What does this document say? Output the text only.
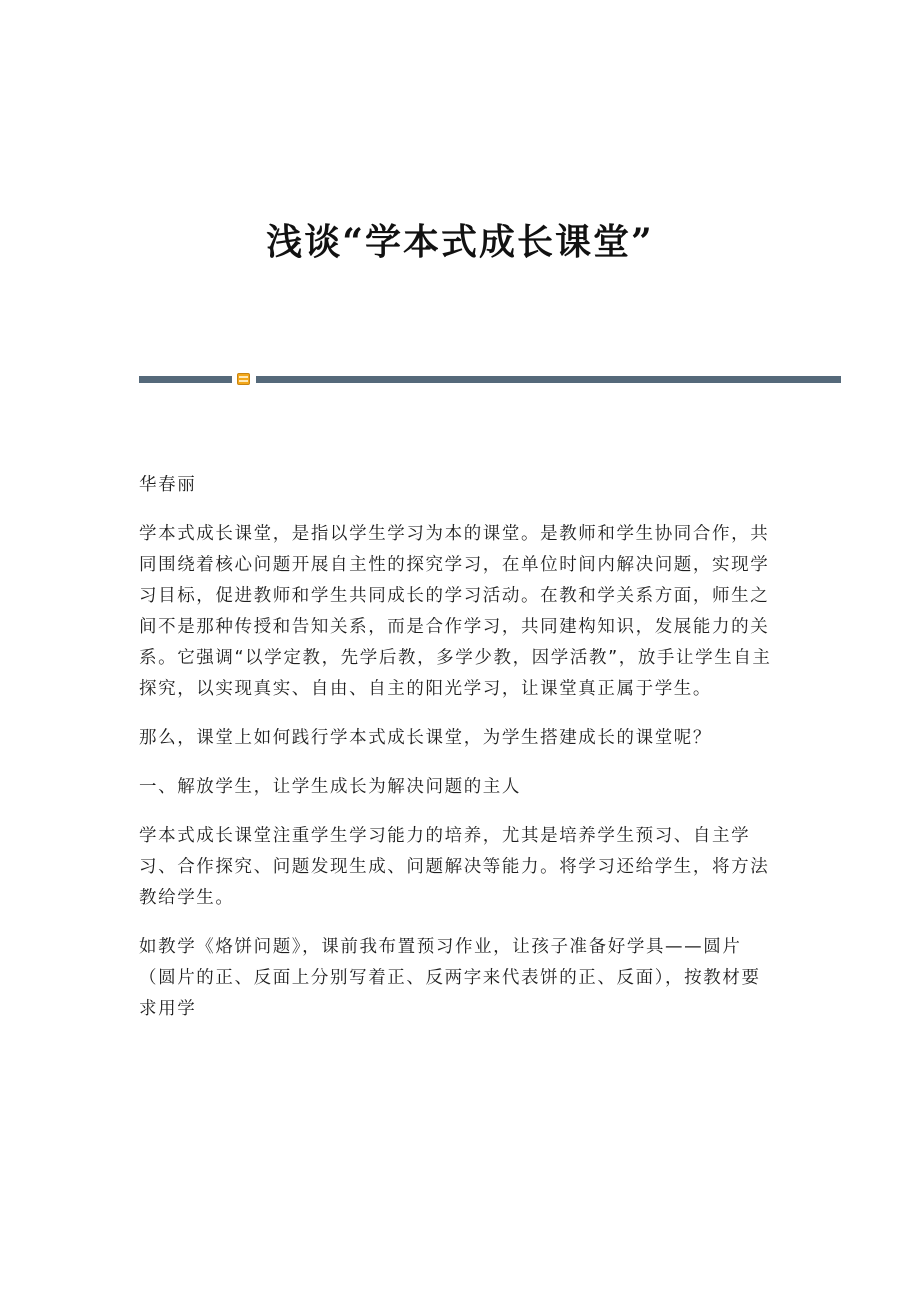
浅谈“学本式成长课堂”

华春丽

学本式成长课堂，是指以学生学习为本的课堂。是教师和学生协同合作，共同围绕着核心问题开展自主性的探究学习，在单位时间内解决问题，实现学习目标，促进教师和学生共同成长的学习活动。在教和学关系方面，师生之间不是那种传授和告知关系，而是合作学习，共同建构知识，发展能力的关系。它强调“以学定教，先学后教，多学少教，因学活教”，放手让学生自主探究，以实现真实、自由、自主的阳光学习，让课堂真正属于学生。

那么，课堂上如何践行学本式成长课堂，为学生搭建成长的课堂呢？

一、解放学生，让学生成长为解决问题的主人

学本式成长课堂注重学生学习能力的培养，尤其是培养学生预习、自主学习、合作探究、问题发现生成、问题解决等能力。将学习还给学生，将方法教给学生。

如教学《烙饼问题》，课前我布置预习作业，让孩子准备好学具——圆片（圆片的正、反面上分别写着正、反两字来代表饼的正、反面），按教材要求用学
